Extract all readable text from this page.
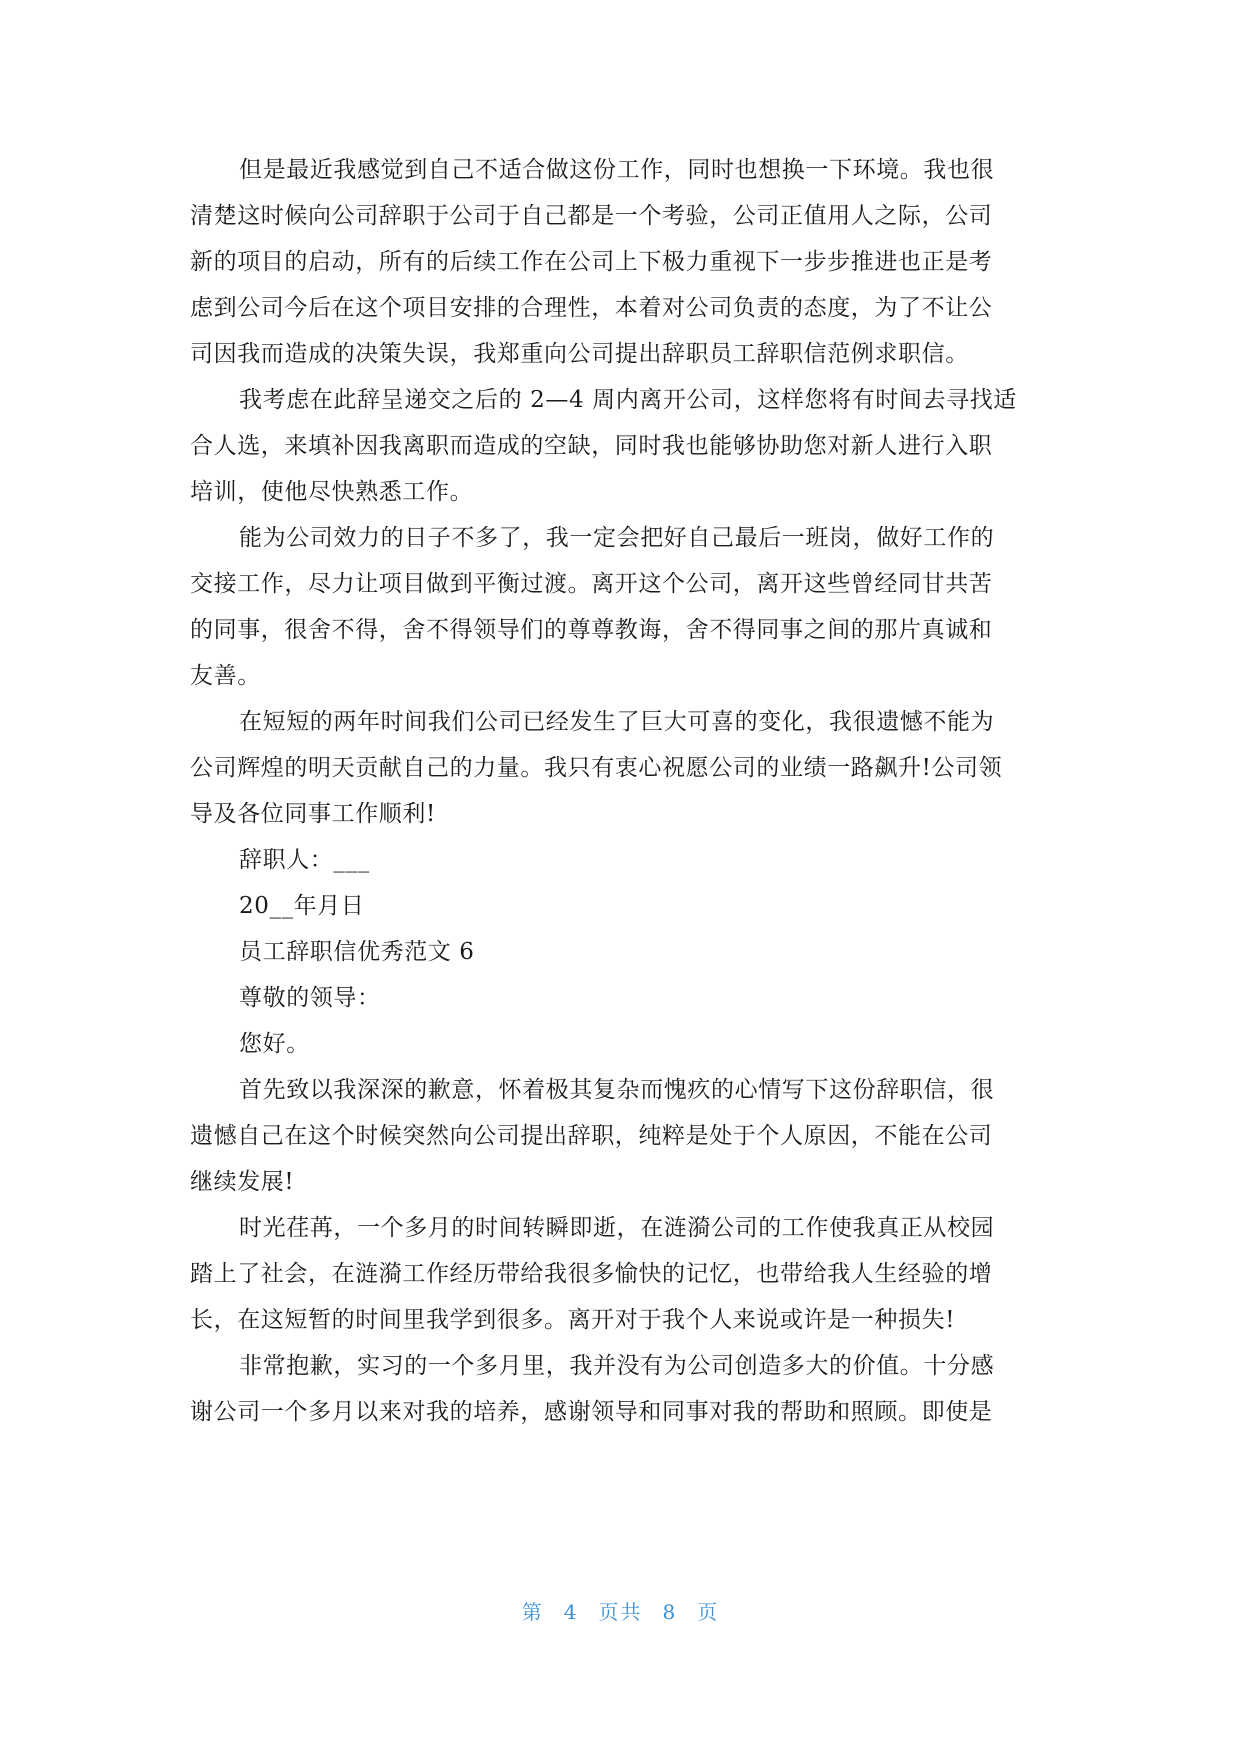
但是最近我感觉到自己不适合做这份工作，同时也想换一下环境。我也很
清楚这时候向公司辞职于公司于自己都是一个考验，公司正值用人之际，公司
新的项目的启动，所有的后续工作在公司上下极力重视下一步步推进也正是考
虑到公司今后在这个项目安排的合理性，本着对公司负责的态度，为了不让公
司因我而造成的决策失误，我郑重向公司提出辞职员工辞职信范例求职信。
我考虑在此辞呈递交之后的 2—4 周内离开公司，这样您将有时间去寻找适
合人选，来填补因我离职而造成的空缺，同时我也能够协助您对新人进行入职
培训，使他尽快熟悉工作。
能为公司效力的日子不多了，我一定会把好自己最后一班岗，做好工作的
交接工作，尽力让项目做到平衡过渡。离开这个公司，离开这些曾经同甘共苦
的同事，很舍不得，舍不得领导们的尊尊教诲，舍不得同事之间的那片真诚和
友善。
在短短的两年时间我们公司已经发生了巨大可喜的变化，我很遗憾不能为
公司辉煌的明天贡献自己的力量。我只有衷心祝愿公司的业绩一路飙升!公司领
导及各位同事工作顺利!
辞职人：___
20__年月日
员工辞职信优秀范文 6
尊敬的领导：
您好。
首先致以我深深的歉意，怀着极其复杂而愧疚的心情写下这份辞职信，很
遗憾自己在这个时候突然向公司提出辞职，纯粹是处于个人原因，不能在公司
继续发展!
时光荏苒，一个多月的时间转瞬即逝，在涟漪公司的工作使我真正从校园
踏上了社会，在涟漪工作经历带给我很多愉快的记忆，也带给我人生经验的增
长，在这短暂的时间里我学到很多。离开对于我个人来说或许是一种损失!
非常抱歉，实习的一个多月里，我并没有为公司创造多大的价值。十分感
谢公司一个多月以来对我的培养，感谢领导和同事对我的帮助和照顾。即使是
第 4 页共 8 页
